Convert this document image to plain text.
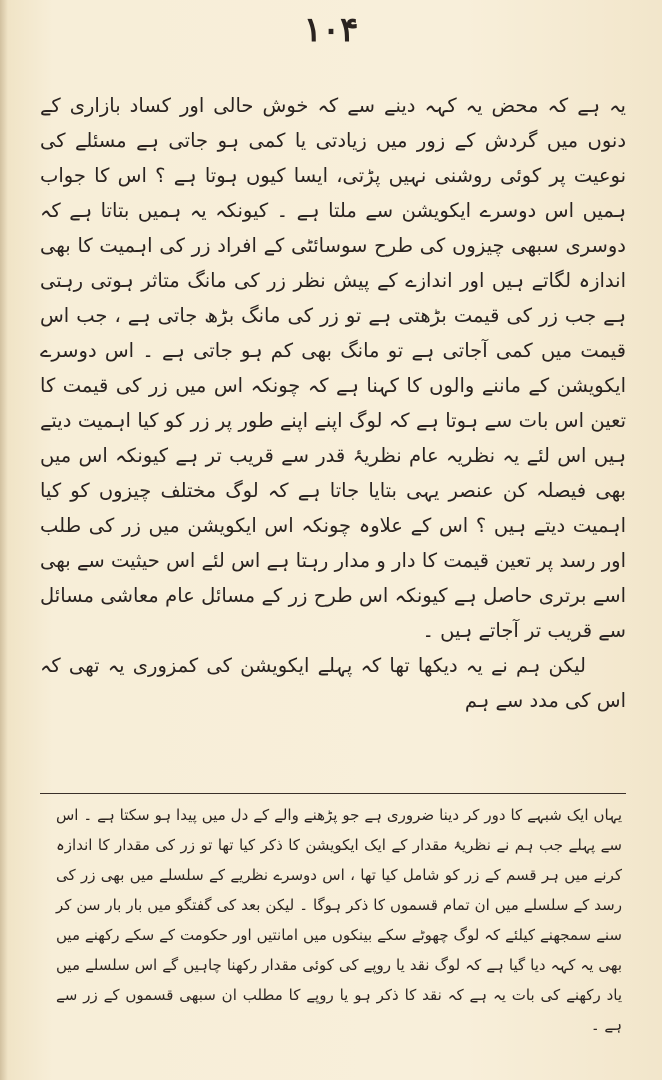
۱۰۴

یہ ہے کہ محض یہ کہہ دینے سے کہ خوش حالی اور کساد بازاری کے دنوں میں گردش کے زور میں زیادتی یا کمی ہو جاتی ہے مسئلے کی نوعیت پر کوئی روشنی نہیں پڑتی، ایسا کیوں ہوتا ہے ؟ اس کا جواب ہمیں اس دوسرے ایکویشن سے ملتا ہے ۔ کیونکہ یہ ہمیں بتاتا ہے کہ دوسری سبھی چیزوں کی طرح سوسائٹی کے افراد زر کی اہمیت کا بھی اندازہ لگاتے ہیں اور اندازے کے پیش نظر زر کی مانگ متاثر ہوتی رہتی ہے جب زر کی قیمت بڑھتی ہے تو زر کی مانگ بڑھ جاتی ہے ، جب اس قیمت میں کمی آجاتی ہے تو مانگ بھی کم ہو جاتی ہے ۔ اس دوسرے ایکویشن کے ماننے والوں کا کہنا ہے کہ چونکہ اس میں زر کی قیمت کا تعین اس بات سے ہوتا ہے کہ لوگ اپنے اپنے طور پر زر کو کیا اہمیت دیتے ہیں اس لئے یہ نظریہ عام نظریۂ قدر سے قریب تر ہے کیونکہ اس میں بھی فیصلہ کن عنصر یہی بتایا جاتا ہے کہ لوگ مختلف چیزوں کو کیا اہمیت دیتے ہیں ؟ اس کے علاوہ چونکہ اس ایکویشن میں زر کی طلب اور رسد پر تعین قیمت کا دار و مدار رہتا ہے اس لئے اس حیثیت سے بھی اسے برتری حاصل ہے کیونکہ اس طرح زر کے مسائل عام معاشی مسائل سے قریب تر آجاتے ہیں ۔

لیکن ہم نے یہ دیکھا تھا کہ پہلے ایکویشن کی کمزوری یہ تھی کہ اس کی مدد سے ہم

یہاں ایک شبہے کا دور کر دینا ضروری ہے جو پڑھنے والے کے دل میں پیدا ہو سکتا ہے ۔ اس سے پہلے جب ہم نے نظریۂ مقدار کے ایک ایکویشن کا ذکر کیا تھا تو زر کی مقدار کا اندازہ کرنے میں ہر قسم کے زر کو شامل کیا تھا ، اس دوسرے نظریے کے سلسلے میں بھی زر کی رسد کے سلسلے میں ان تمام قسموں کا ذکر ہوگا ۔ لیکن بعد کی گفتگو میں بار بار سن کر سنے سمجھنے کیلئے کہ لوگ چھوٹے سکے بینکوں میں امانتیں اور حکومت کے سکے رکھنے میں بھی یہ کہہ دیا گیا ہے کہ لوگ نقد یا روپے کی کوئی مقدار رکھنا چاہیں گے اس سلسلے میں یاد رکھنے کی بات یہ ہے کہ نقد کا ذکر ہو یا روپے کا مطلب ان سبھی قسموں کے زر سے ہے ۔
